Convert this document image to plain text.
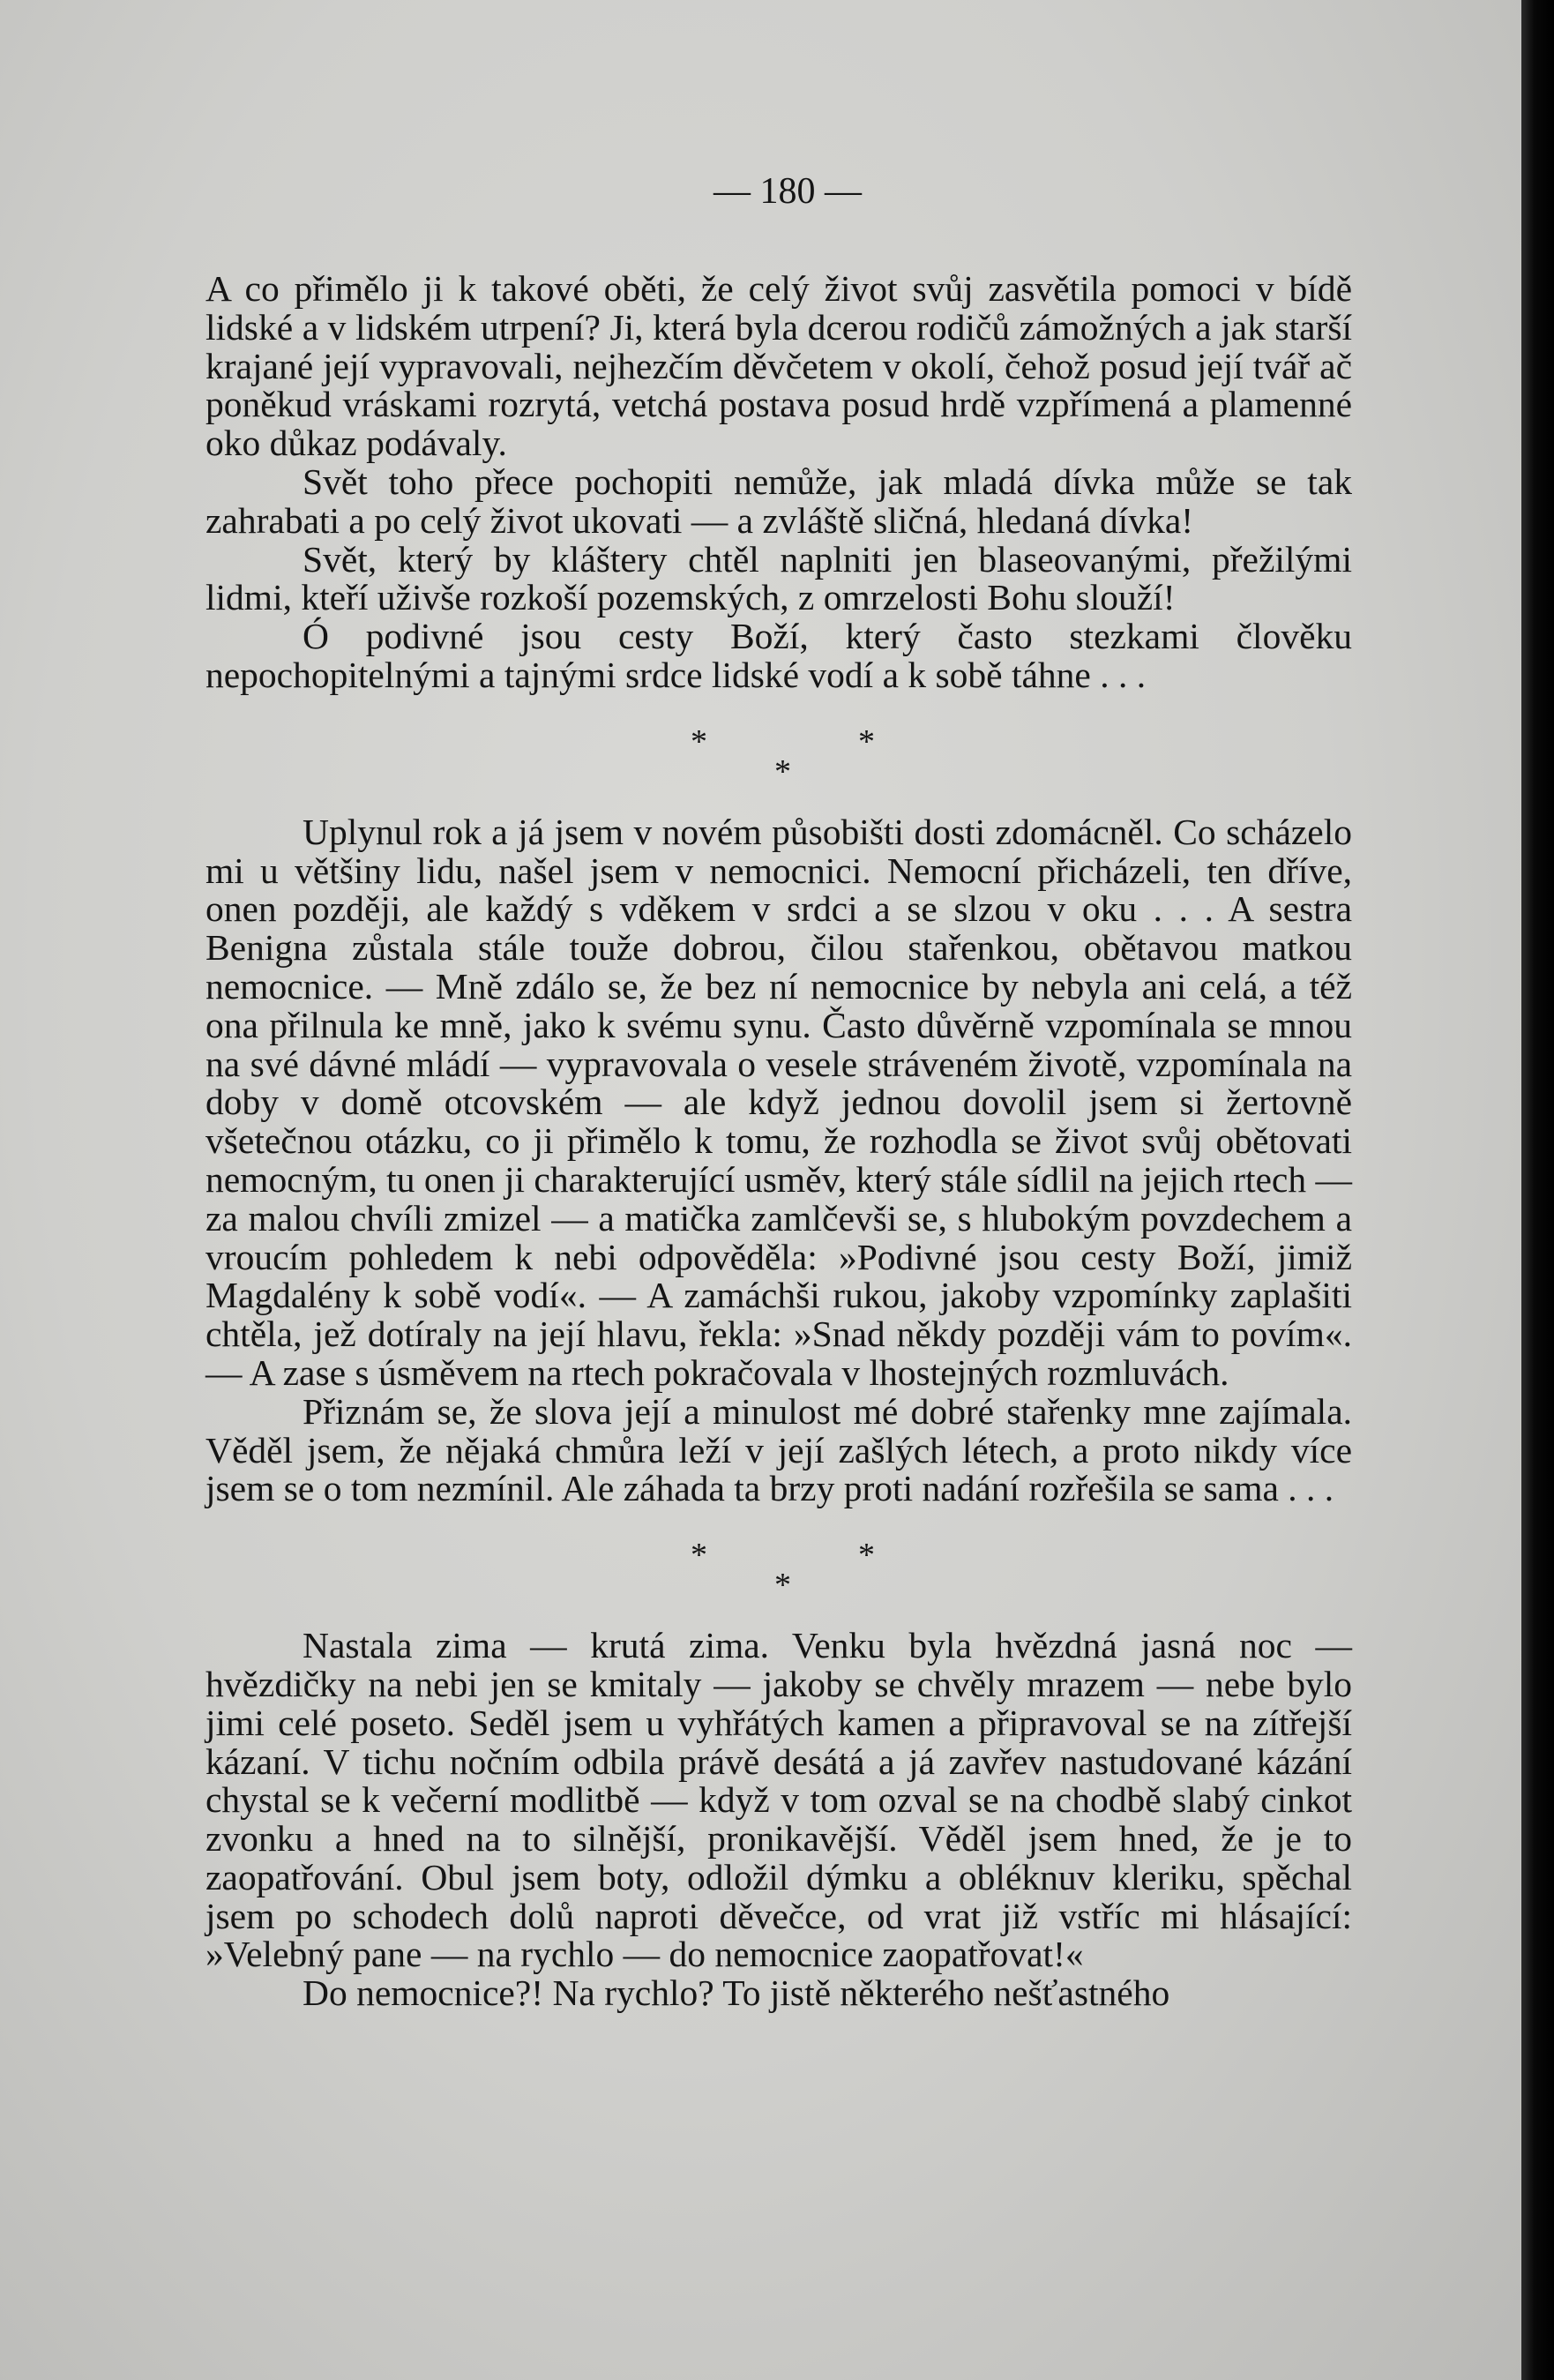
— 180 —

A co přimělo ji k takové oběti, že celý život svůj zasvětila pomoci v bídě lidské a v lidském utrpení? Ji, která byla dcerou rodičů zámožných a jak starší krajané její vypravovali, nejhezčím děvčetem v okolí, čehož posud její tvář ač poněkud vráskami rozrytá, vetchá postava posud hrdě vzpřímená a plamenné oko důkaz podávaly.

Svět toho přece pochopiti nemůže, jak mladá dívka může se tak zahrabati a po celý život ukovati — a zvláště sličná, hledaná dívka!

Svět, který by kláštery chtěl naplniti jen blaseovanými, přežilými lidmi, kteří uživše rozkoší pozemských, z omrzelosti Bohu slouží!

Ó podivné jsou cesty Boží, který často stezkami člověku nepochopitelnými a tajnými srdce lidské vodí a k sobě táhne . . .

*	*
*

Uplynul rok a já jsem v novém působišti dosti zdomácněl. Co scházelo mi u většiny lidu, našel jsem v nemocnici. Nemocní přicházeli, ten dříve, onen později, ale každý s vděkem v srdci a se slzou v oku . . . A sestra Benigna zůstala stále touže dobrou, čilou stařenkou, obětavou matkou nemocnice. — Mně zdálo se, že bez ní nemocnice by nebyla ani celá, a též ona přilnula ke mně, jako k svému synu. Často důvěrně vzpomínala se mnou na své dávné mládí — vypravovala o vesele stráveném životě, vzpomínala na doby v domě otcovském — ale když jednou dovolil jsem si žertovně všetečnou otázku, co ji přimělo k tomu, že rozhodla se život svůj obětovati nemocným, tu onen ji charakterující usměv, který stále sídlil na jejich rtech — za malou chvíli zmizel — a matička zamlčevši se, s hlubokým povzdechem a vroucím pohledem k nebi odpověděla: »Podivné jsou cesty Boží, jimiž Magdalény k sobě vodí«. — A zamáchši rukou, jakoby vzpomínky zaplašiti chtěla, jež dotíraly na její hlavu, řekla: »Snad někdy později vám to povím«. — A zase s úsměvem na rtech pokračovala v lhostejných rozmluvách.

Přiznám se, že slova její a minulost mé dobré stařenky mne zajímala. Věděl jsem, že nějaká chmůra leží v její zašlých létech, a proto nikdy více jsem se o tom nezmínil. Ale záhada ta brzy proti nadání rozřešila se sama . . .

*	*
*

Nastala zima — krutá zima. Venku byla hvězdná jasná noc — hvězdičky na nebi jen se kmitaly — jakoby se chvěly mrazem — nebe bylo jimi celé poseto. Seděl jsem u vyhřátých kamen a připravoval se na zítřejší kázaní. V tichu nočním odbila právě desátá a já zavřev nastudované kázání chystal se k večerní modlitbě — když v tom ozval se na chodbě slabý cinkot zvonku a hned na to silnější, pronikavější. Věděl jsem hned, že je to zaopatřování. Obul jsem boty, odložil dýmku a obléknuv kleriku, spěchal jsem po schodech dolů naproti děvečce, od vrat již vstříc mi hlásající: »Velebný pane — na rychlo — do nemocnice zaopatřovat!«

Do nemocnice?! Na rychlo? To jistě některého nešťastného
